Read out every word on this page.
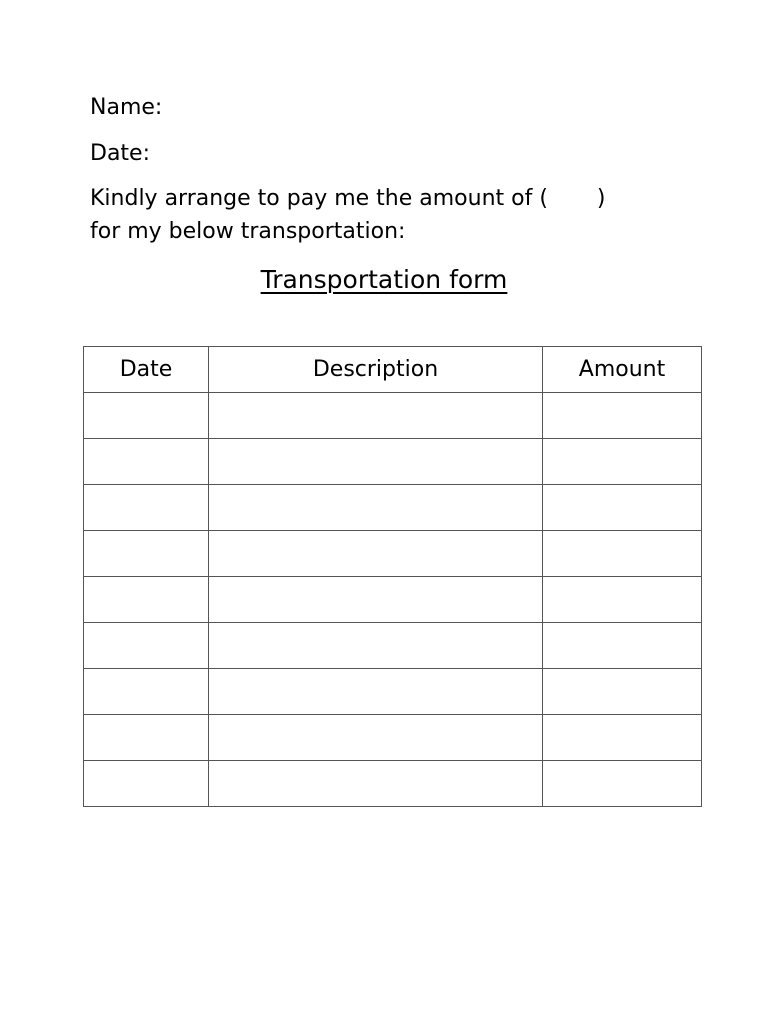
Name:
Date:
Kindly arrange to pay me the amount of (       )
for my below transportation:
Transportation form
Date	Description	Amount
